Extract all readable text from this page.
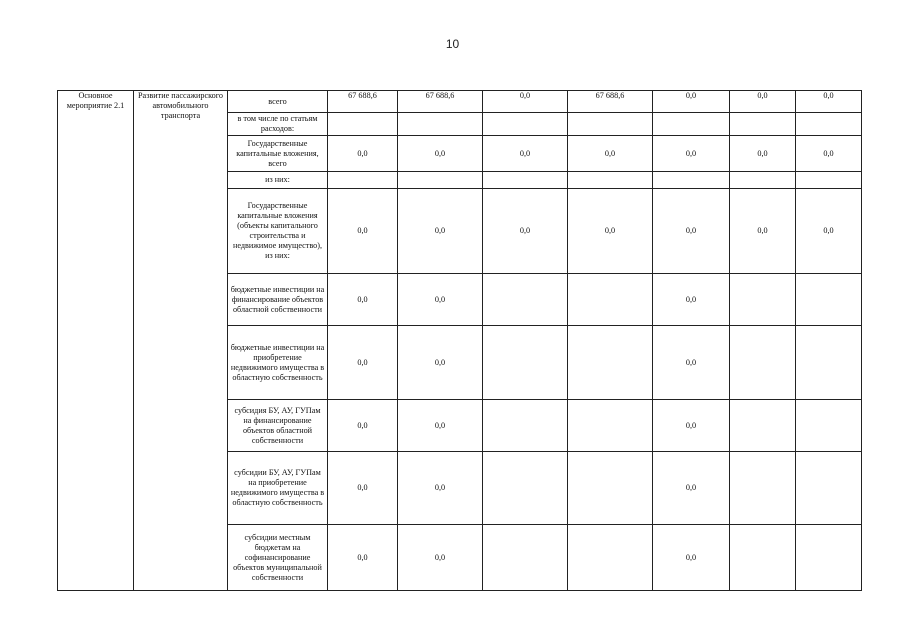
10
Основное мероприятие 2.1	Развитие пассажирского автомобильного транспорта	всего	67 688,6	67 688,6	0,0	67 688,6	0,0	0,0	0,0
		в том числе по статьям расходов:							
		Государственные капитальные вложения, всего	0,0	0,0	0,0	0,0	0,0	0,0	0,0
		из них:							
		Государственные капитальные вложения (объекты капитального строительства и недвижимое имущество), из них:	0,0	0,0	0,0	0,0	0,0	0,0	0,0
		бюджетные инвестиции на финансирование объектов областной собственности	0,0	0,0			0,0		
		бюджетные инвестиции на приобретение недвижимого имущества в областную собственность	0,0	0,0			0,0		
		субсидия БУ, АУ, ГУПам на финансирование объектов областной собственности	0,0	0,0			0,0		
		субсидии БУ, АУ, ГУПам на приобретение недвижимого имущества в областную собственность	0,0	0,0			0,0		
		субсидии местным бюджетам на софинансирование объектов муниципальной собственности	0,0	0,0			0,0		
